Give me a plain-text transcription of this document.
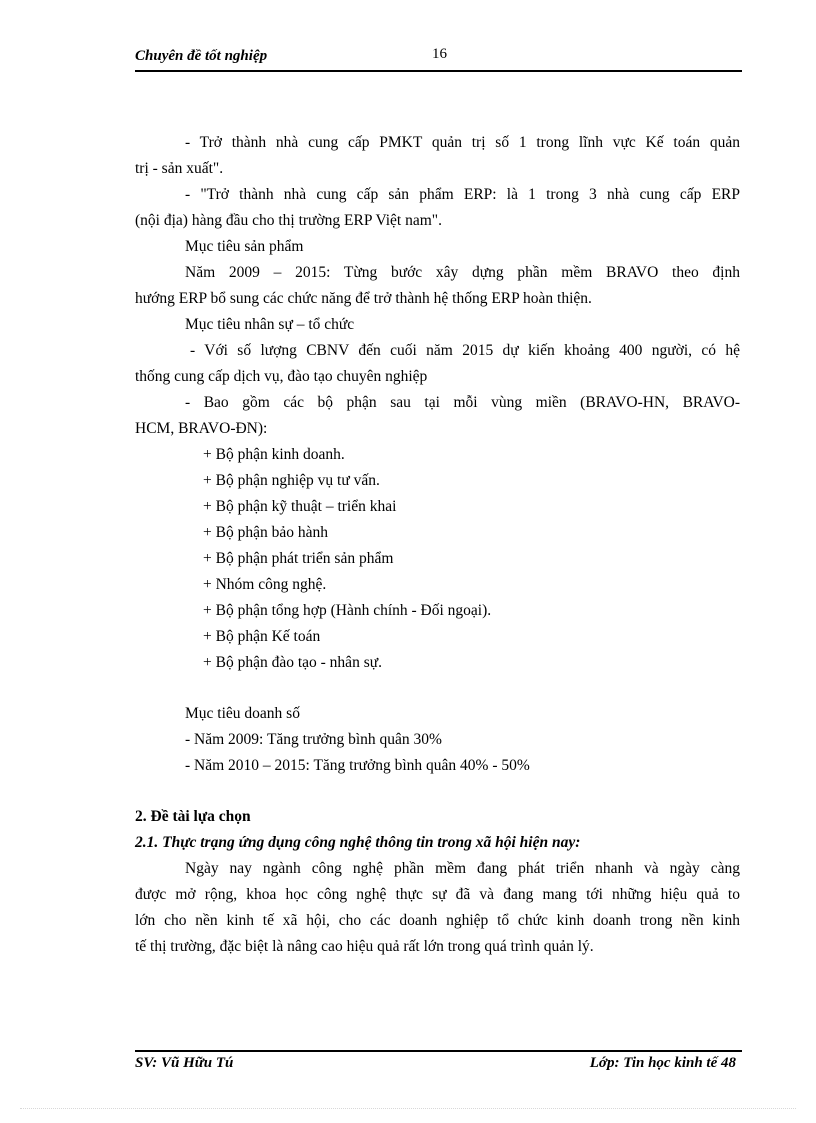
Chuyên đề tốt nghiệp	16
- Trở thành nhà cung cấp PMKT quản trị số 1 trong lĩnh vực Kế toán quản
trị - sản xuất".
- "Trở thành nhà cung cấp sản phẩm ERP: là 1 trong 3 nhà cung cấp ERP
(nội địa) hàng đầu cho thị trường ERP Việt nam".
Mục tiêu sản phẩm
Năm 2009 – 2015: Từng bước xây dựng phần mềm BRAVO theo định
hướng ERP bổ sung các chức năng để trở thành hệ thống ERP hoàn thiện.
Mục tiêu nhân sự – tổ chức
- Với số lượng CBNV đến cuối năm 2015 dự kiến khoảng 400 người, có hệ
thống cung cấp dịch vụ, đào tạo chuyên nghiệp
- Bao gồm các bộ phận sau tại mỗi vùng miền (BRAVO-HN, BRAVO-
HCM, BRAVO-ĐN):
+ Bộ phận kinh doanh.
+ Bộ phận nghiệp vụ tư vấn.
+ Bộ phận kỹ thuật – triển khai
+ Bộ phận bảo hành
+ Bộ phận phát triển sản phẩm
+ Nhóm công nghệ.
+ Bộ phận tổng hợp (Hành chính - Đối ngoại).
+ Bộ phận Kế toán
+ Bộ phận đào tạo - nhân sự.
Mục tiêu doanh số
- Năm 2009: Tăng trưởng bình quân 30%
- Năm 2010 – 2015: Tăng trưởng bình quân 40% - 50%
2. Đề tài lựa chọn
2.1. Thực trạng ứng dụng công nghệ thông tin trong xã hội hiện nay:
Ngày nay ngành công nghệ phần mềm đang phát triển nhanh và ngày càng
được mở rộng, khoa học công nghệ thực sự đã và đang mang tới những hiệu quả to
lớn cho nền kinh tế xã hội, cho các doanh nghiệp tổ chức kinh doanh trong nền kinh
tế thị trường, đặc biệt là nâng cao hiệu quả rất lớn trong quá trình quản lý.
SV: Vũ Hữu Tú	Lớp: Tin học kinh tế 48
